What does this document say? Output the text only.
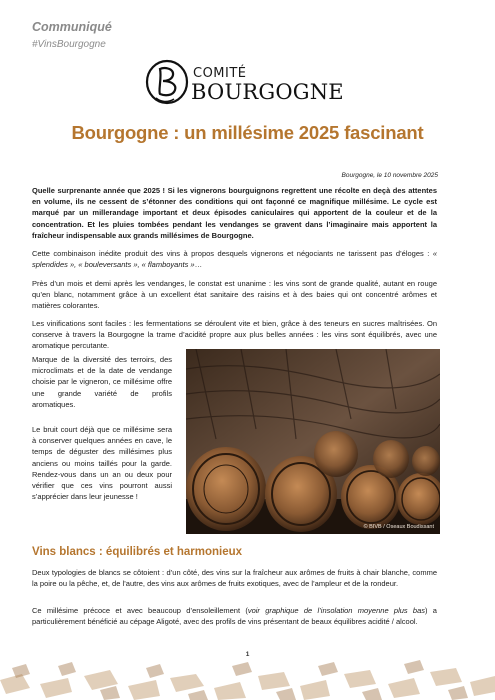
Communiqué
#VinsBourgogne
COMITÉ
BOURGOGNE
Bourgogne : un millésime 2025 fascinant
Bourgogne, le 10 novembre 2025

Quelle surprenante année que 2025 ! Si les vignerons bourguignons regrettent une récolte en deçà des attentes en volume, ils ne cessent de s’étonner des conditions qui ont façonné ce magnifique millésime. Le cycle est marqué par un millerandage important et deux épisodes caniculaires qui apportent de la couleur et de la concentration. Et les pluies tombées pendant les vendanges se gravent dans l’imaginaire mais apportent la fraîcheur indispensable aux grands millésimes de Bourgogne.

Cette combinaison inédite produit des vins à propos desquels vignerons et négociants ne tarissent pas d’éloges : « splendides », « bouleversants », « flamboyants »…

Près d’un mois et demi après les vendanges, le constat est unanime : les vins sont de grande qualité, autant en rouge qu’en blanc, notamment grâce à un excellent état sanitaire des raisins et à des baies qui ont concentré arômes et matières colorantes.

Les vinifications sont faciles : les fermentations se déroulent vite et bien, grâce à des teneurs en sucres maîtrisées. On conserve à travers la Bourgogne la trame d’acidité propre aux plus belles années : les vins sont équilibrés, avec une aromatique percutante.

Marque de la diversité des terroirs, des microclimats et de la date de vendange choisie par le vigneron, ce millésime offre une grande variété de profils aromatiques.

Le bruit court déjà que ce millésime sera à conserver quelques années en cave, le temps de déguster des millésimes plus anciens ou moins taillés pour la garde. Rendez-vous dans un an ou deux pour vérifier que ces vins pourront aussi s’apprécier dans leur jeunesse !

© BIVB / Oseaux Boudissant
Vins blancs : équilibrés et harmonieux

Deux typologies de blancs se côtoient : d’un côté, des vins sur la fraîcheur aux arômes de fruits à chair blanche, comme la poire ou la pêche, et, de l’autre, des vins aux arômes de fruits exotiques, avec de l’ampleur et de la rondeur.

Ce millésime précoce et avec beaucoup d’ensoleillement (voir graphique de l’insolation moyenne plus bas) a particulièrement bénéficié au cépage Aligoté, avec des profils de vins présentant de beaux équilibres acidité / alcool.

1
